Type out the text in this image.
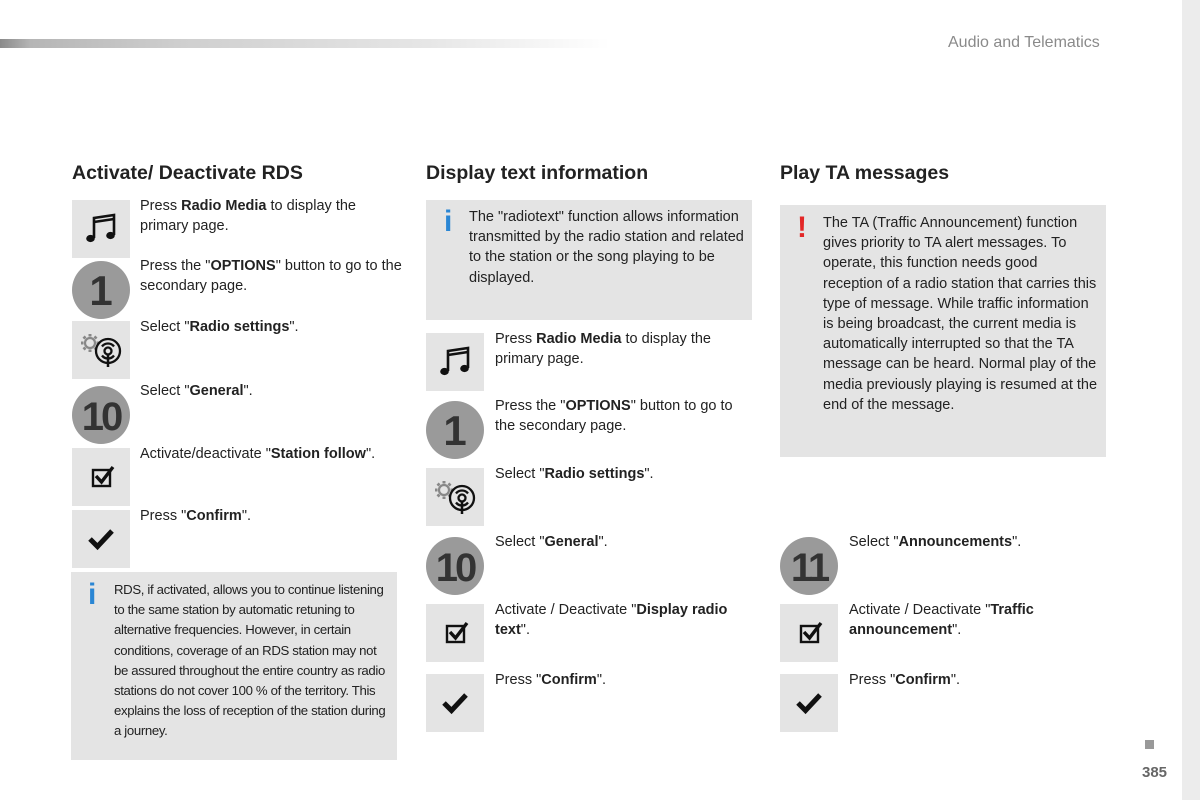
Audio and Telematics
Activate/ Deactivate RDS
Press Radio Media to display the primary page.
1
Press the "OPTIONS" button to go to the secondary page.
Select "Radio settings".
10
Select "General".
Activate/deactivate "Station follow".
Press "Confirm".
i RDS, if activated, allows you to continue listening to the same station by automatic retuning to alternative frequencies. However, in certain conditions, coverage of an RDS station may not be assured throughout the entire country as radio stations do not cover 100 % of the territory. This explains the loss of reception of the station during a journey.
Display text information
i The "radiotext" function allows information transmitted by the radio station and related to the station or the song playing to be displayed.
Press Radio Media to display the primary page.
1
Press the "OPTIONS" button to go to the secondary page.
Select "Radio settings".
10
Select "General".
Activate / Deactivate "Display radio text".
Press "Confirm".
Play TA messages
! The TA (Traffic Announcement) function gives priority to TA alert messages. To operate, this function needs good reception of a radio station that carries this type of message. While traffic information is being broadcast, the current media is automatically interrupted so that the TA message can be heard. Normal play of the media previously playing is resumed at the end of the message.
11
Select "Announcements".
Activate / Deactivate "Traffic announcement".
Press "Confirm".
385
